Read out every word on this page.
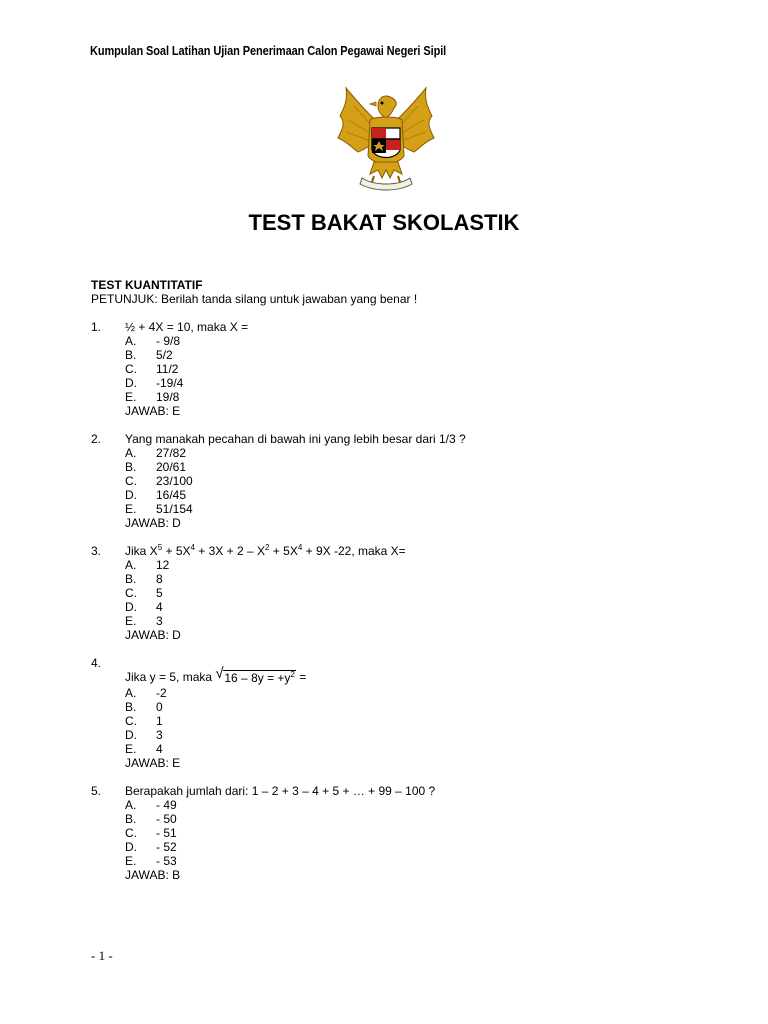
Kumpulan Soal Latihan Ujian Penerimaan Calon Pegawai Negeri Sipil
TEST BAKAT SKOLASTIK
TEST KUANTITATIF
PETUNJUK: Berilah tanda silang untuk jawaban yang benar !
1. ½ + 4X = 10, maka X =
A. - 9/8
B. 5/2
C. 11/2
D. -19/4
E. 19/8
JAWAB: E
2. Yang manakah pecahan di bawah ini yang lebih besar dari 1/3 ?
A. 27/82
B. 20/61
C. 23/100
D. 16/45
E. 51/154
JAWAB: D
3. Jika $X^5 + 5X^4 + 3X + 2 - X^2 + 5X^4 + 9X$ -22, maka X=
A. 12
B. 8
C. 5
D. 4
E. 3
JAWAB: D
4.
Jika y = 5, maka √ $16 - 8y = +y^2$ =
A. -2
B. 0
C. 1
D. 3
E. 4
JAWAB: E
5. Berapakah jumlah dari: 1 – 2 + 3 – 4 + 5 + … + 99 – 100 ?
A. - 49
B. - 50
C. - 51
D. - 52
E. - 53
JAWAB: B
- 1 -
